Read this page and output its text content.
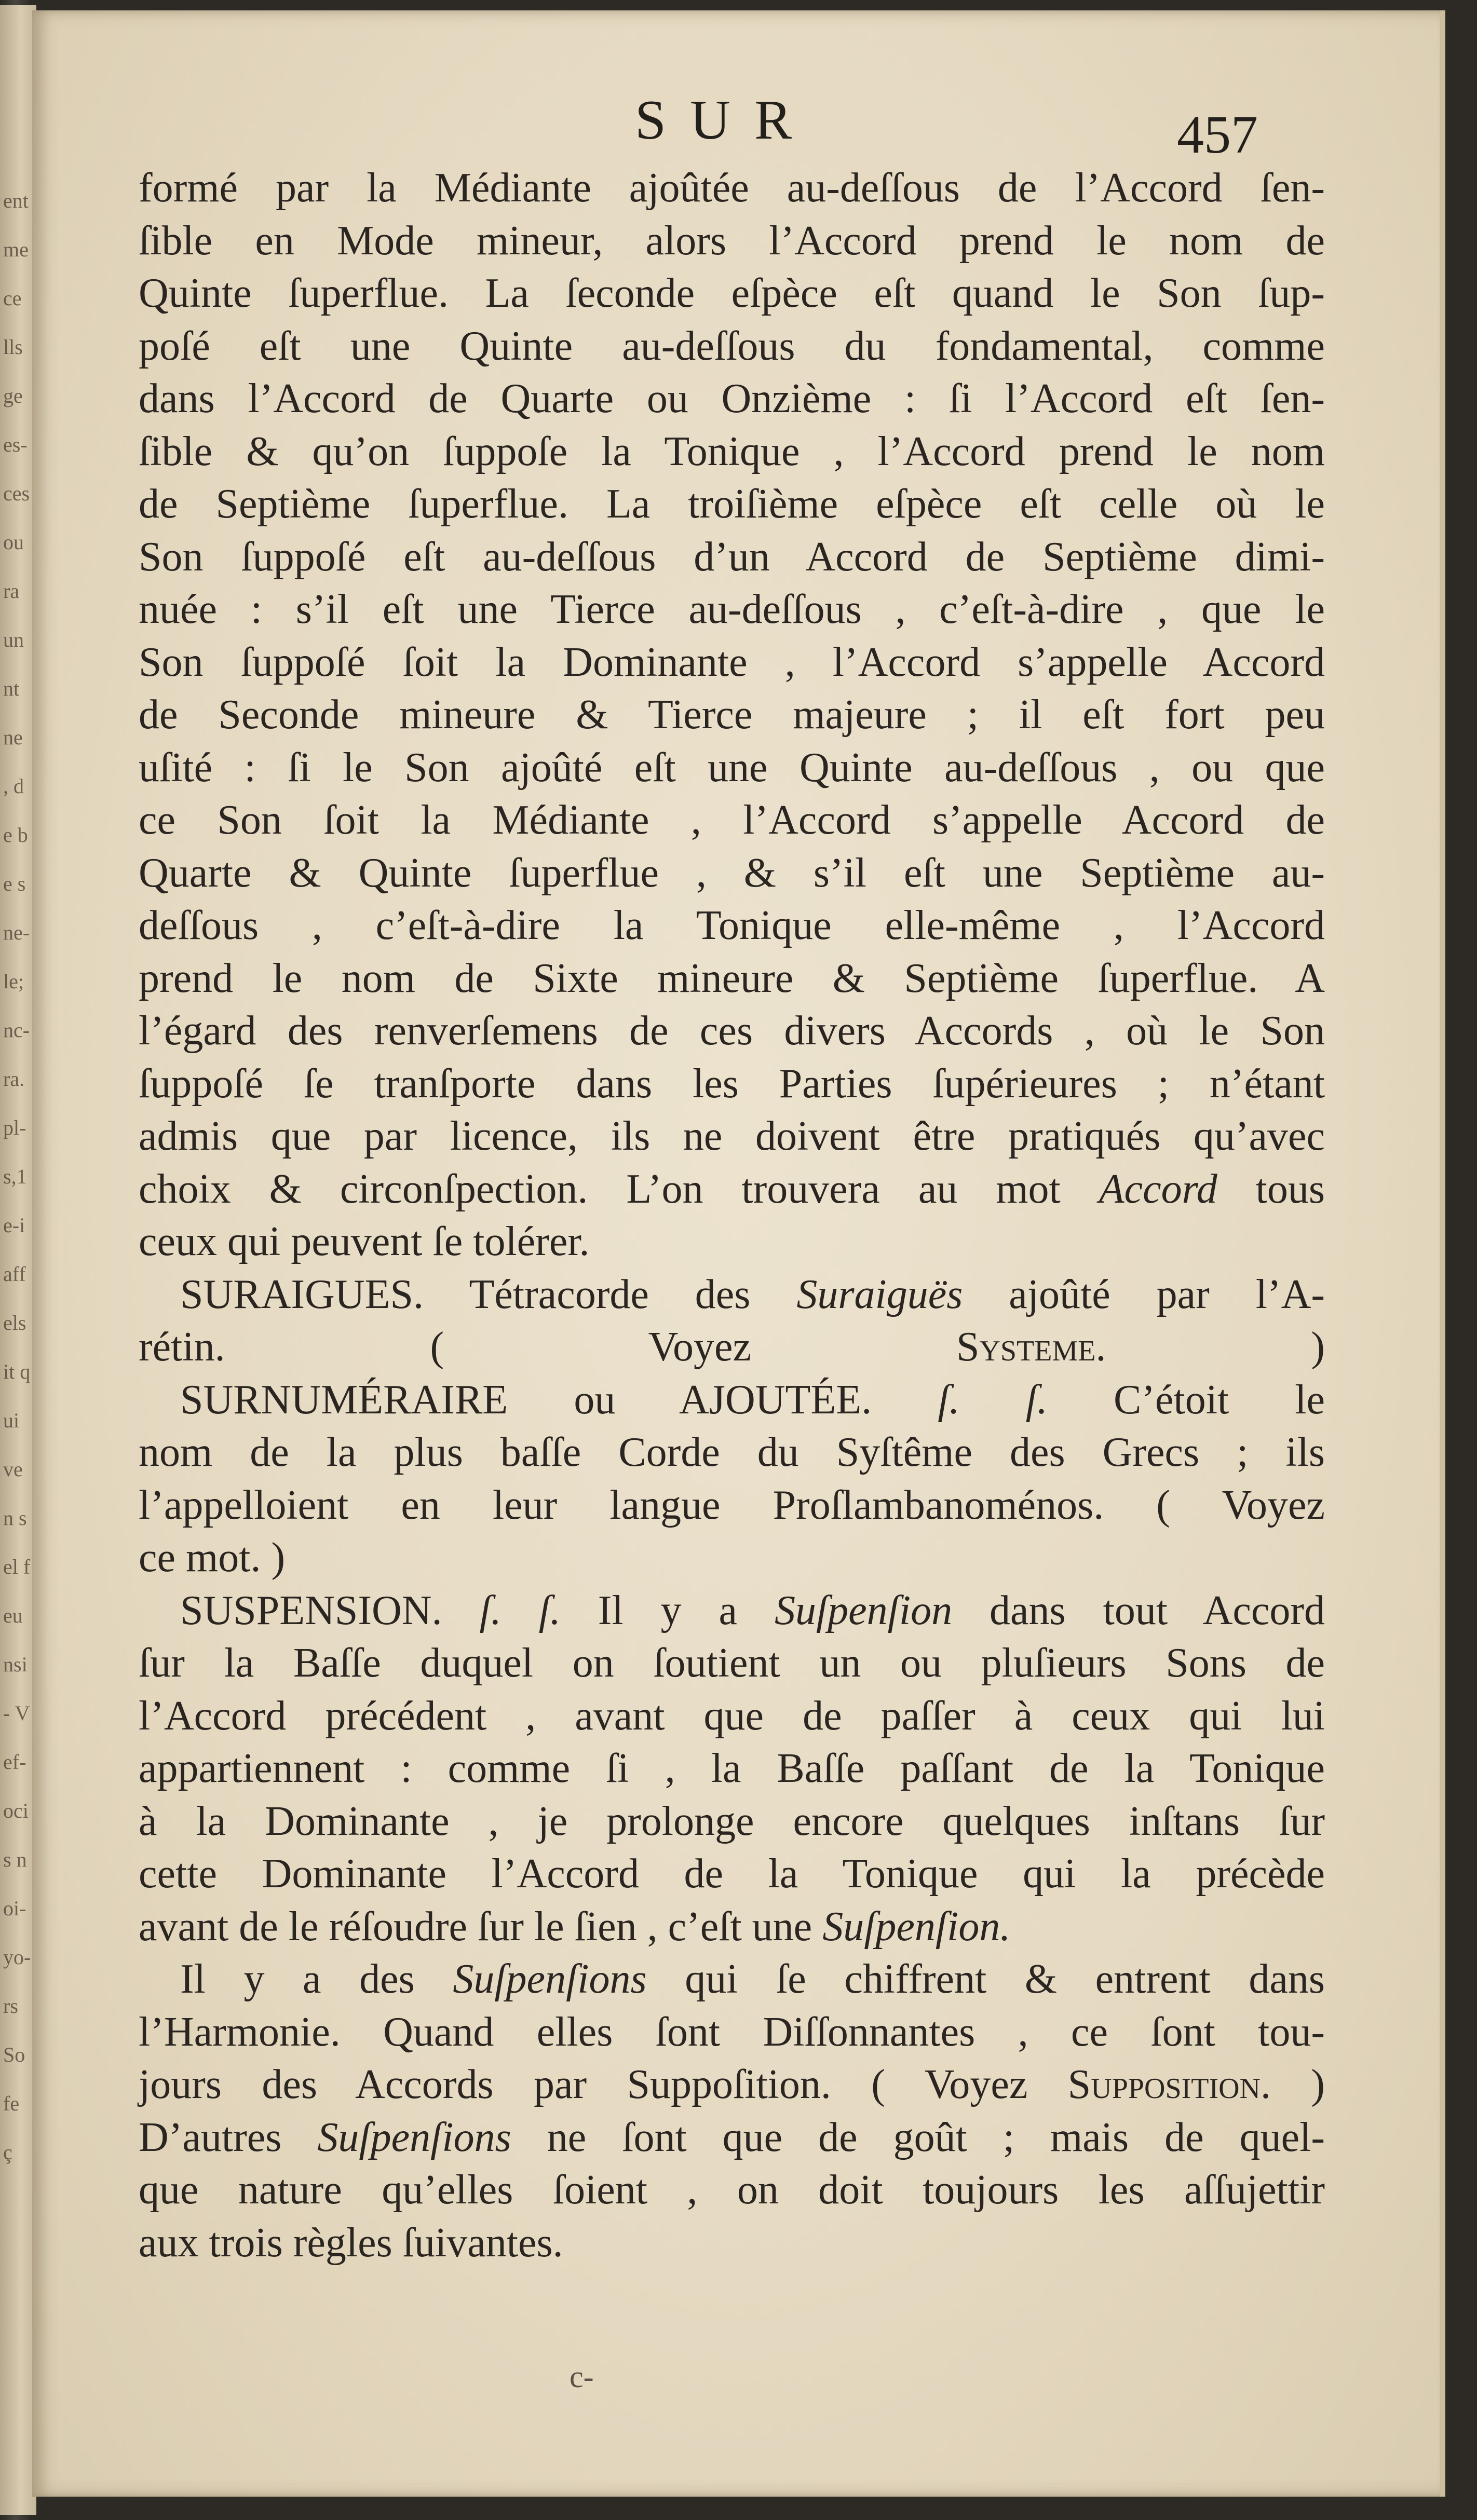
ent me ce lls ge es- ces ou ra un nt ne , de be s ne- le; nc- ra. pl- s,1 e-i aff els it qui ven s el feu nsi- Vef- ocis noi- yo- rs So fe ç
SUR	457
formé par la Médiante ajoûtée au-deſſous de l’Accord ſen-
ſible en Mode mineur, alors l’Accord prend le nom de
Quinte ſuperflue. La ſeconde eſpèce eſt quand le Son ſup-
poſé eſt une Quinte au-deſſous du fondamental, comme
dans l’Accord de Quarte ou Onzième : ſi l’Accord eſt ſen-
ſible & qu’on ſuppoſe la Tonique , l’Accord prend le nom
de Septième ſuperflue. La troiſième eſpèce eſt celle où le
Son ſuppoſé eſt au-deſſous d’un Accord de Septième dimi-
nuée : s’il eſt une Tierce au-deſſous , c’eſt-à-dire , que le
Son ſuppoſé ſoit la Dominante , l’Accord s’appelle Accord
de Seconde mineure & Tierce majeure ; il eſt fort peu
uſité : ſi le Son ajoûté eſt une Quinte au-deſſous , ou que
ce Son ſoit la Médiante , l’Accord s’appelle Accord de
Quarte & Quinte ſuperflue , & s’il eſt une Septième au-
deſſous , c’eſt-à-dire la Tonique elle-même , l’Accord
prend le nom de Sixte mineure & Septième ſuperflue. A
l’égard des renverſemens de ces divers Accords , où le Son
ſuppoſé ſe tranſporte dans les Parties ſupérieures ; n’étant
admis que par licence, ils ne doivent être pratiqués qu’avec
choix & circonſpection. L’on trouvera au mot Accord tous
ceux qui peuvent ſe tolérer.
SURAIGUES. Tétracorde des Suraiguës ajoûté par l’A-
rétin. ( Voyez	Systeme.	)
SURNUMÉRAIRE ou AJOUTÉE. ſ. ſ. C’étoit le
nom de la plus baſſe Corde du Syſtême des Grecs ; ils
l’appelloient en leur langue Proſlambanoménos. ( Voyez
ce mot. )
SUSPENSION. ſ. ſ. Il y a Suſpenſion dans tout Accord
ſur la Baſſe duquel on ſoutient un ou pluſieurs Sons de
l’Accord précédent , avant que de paſſer à ceux qui lui
appartiennent : comme ſi , la Baſſe paſſant de la Tonique
à la Dominante , je prolonge encore quelques inſtans ſur
cette Dominante l’Accord de la Tonique qui la précède
avant de le réſoudre ſur le ſien , c’eſt une Suſpenſion.
Il y a des Suſpenſions qui ſe chiffrent & entrent dans
l’Harmonie. Quand elles ſont Diſſonnantes , ce ſont tou-
jours des Accords par Suppoſition. ( Voyez Supposition. )
D’autres Suſpenſions ne ſont que de goût ; mais de quel-
que nature qu’elles ſoient , on doit toujours les aſſujettir
aux trois règles ſuivantes.
c-
